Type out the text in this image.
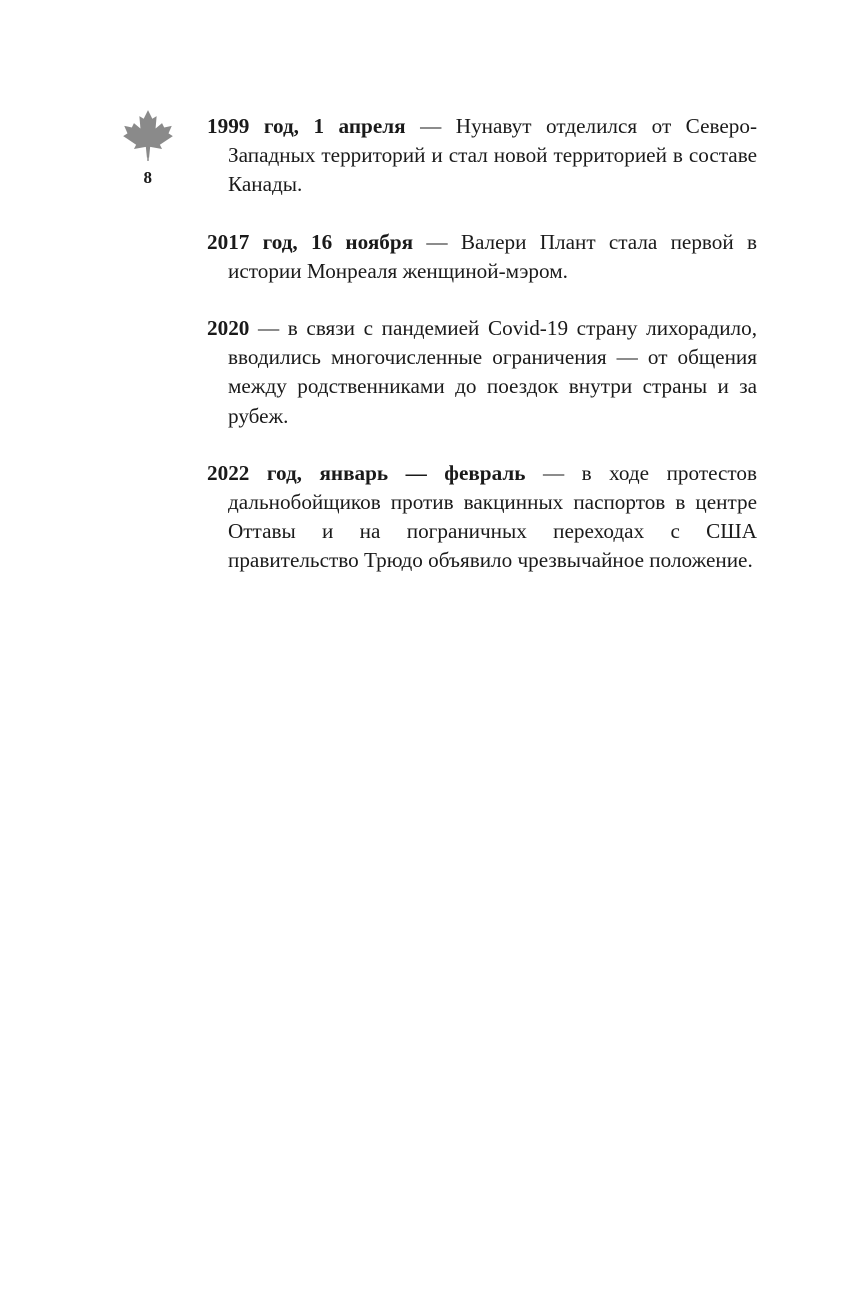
8

1999 год, 1 апреля — Нунавут отделился от Северо-Западных территорий и стал новой территорией в составе Канады.

2017 год, 16 ноября — Валери Плант стала первой в истории Монреаля женщиной-мэром.

2020 — в связи с пандемией Covid-19 страну лихорадило, вводились многочисленные ограничения — от общения между родственниками до поездок внутри страны и за рубеж.

2022 год, январь — февраль — в ходе протестов дальнобойщиков против вакцинных паспортов в центре Оттавы и на пограничных переходах с США правительство Трюдо объявило чрезвычайное положение.
